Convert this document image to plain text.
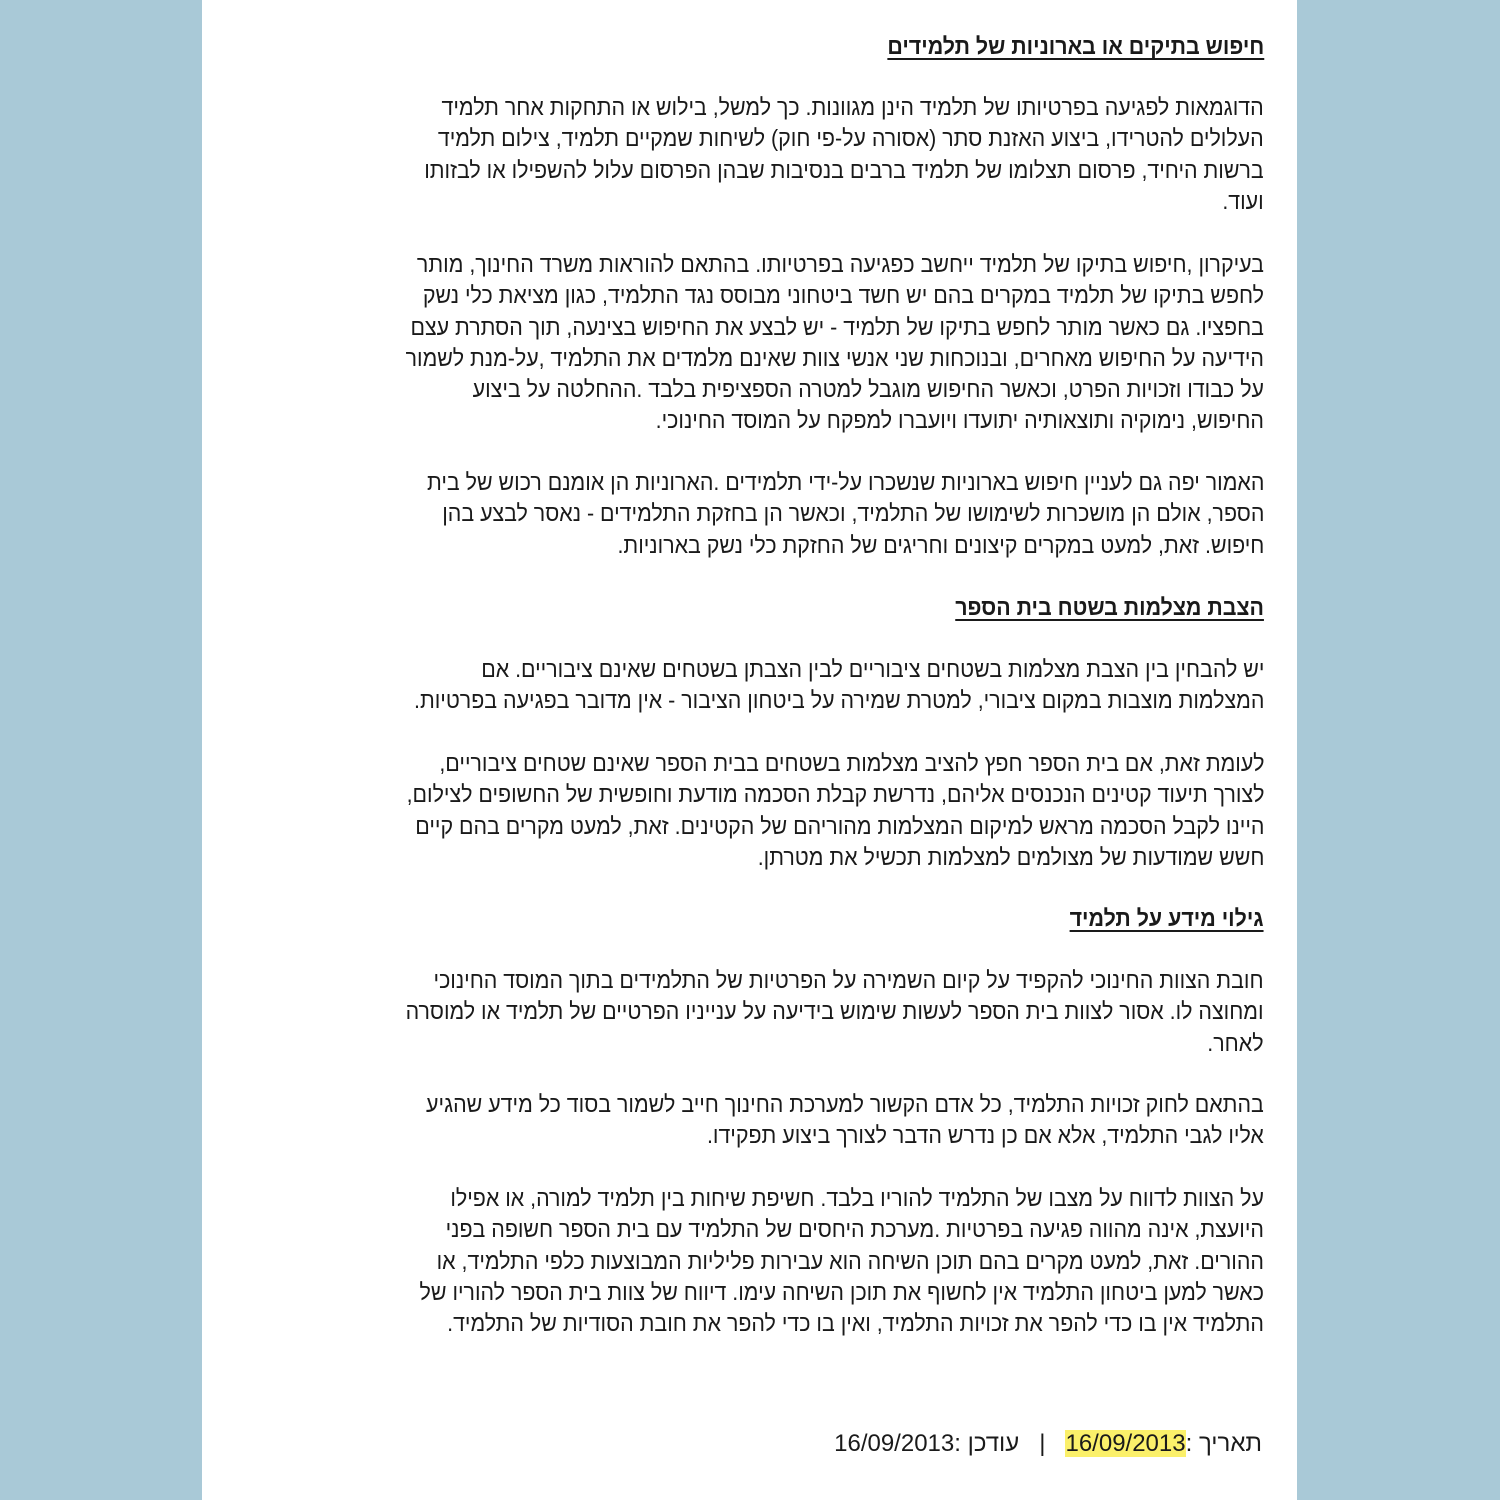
חיפוש בתיקים או בארוניות של תלמידים
הדוגמאות לפגיעה בפרטיותו של תלמיד הינן מגוונות. כך למשל, בילוש או התחקות אחר תלמיד
העלולים להטרידו, ביצוע האזנת סתר (אסורה על-פי חוק) לשיחות שמקיים תלמיד, צילום תלמיד
ברשות היחיד, פרסום תצלומו של תלמיד ברבים בנסיבות שבהן הפרסום עלול להשפילו או לבזותו
ועוד.
בעיקרון ,חיפוש בתיקו של תלמיד ייחשב כפגיעה בפרטיותו. בהתאם להוראות משרד החינוך, מותר
לחפש בתיקו של תלמיד במקרים בהם יש חשד ביטחוני מבוסס נגד התלמיד, כגון מציאת כלי נשק
בחפציו. גם כאשר מותר לחפש בתיקו של תלמיד - יש לבצע את החיפוש בצינעה, תוך הסתרת עצם
הידיעה על החיפוש מאחרים, ובנוכחות שני אנשי צוות שאינם מלמדים את התלמיד ,על-מנת לשמור
על כבודו וזכויות הפרט, וכאשר החיפוש מוגבל למטרה הספציפית בלבד .ההחלטה על ביצוע
החיפוש, נימוקיה ותוצאותיה יתועדו ויועברו למפקח על המוסד החינוכי.
האמור יפה גם לעניין חיפוש בארוניות שנשכרו על-ידי תלמידים .הארוניות הן אומנם רכוש של בית
הספר, אולם הן מושכרות לשימושו של התלמיד, וכאשר הן בחזקת התלמידים - נאסר לבצע בהן
חיפוש. זאת, למעט במקרים קיצונים וחריגים של החזקת כלי נשק בארוניות.
הצבת מצלמות בשטח בית הספר
יש להבחין בין הצבת מצלמות בשטחים ציבוריים לבין הצבתן בשטחים שאינם ציבוריים. אם
המצלמות מוצבות במקום ציבורי, למטרת שמירה על ביטחון הציבור - אין מדובר בפגיעה בפרטיות.
לעומת זאת, אם בית הספר חפץ להציב מצלמות בשטחים בבית הספר שאינם שטחים ציבוריים,
לצורך תיעוד קטינים הנכנסים אליהם, נדרשת קבלת הסכמה מודעת וחופשית של החשופים לצילום,
היינו לקבל הסכמה מראש למיקום המצלמות מהוריהם של הקטינים. זאת, למעט מקרים בהם קיים
חשש שמודעות של מצולמים למצלמות תכשיל את מטרתן.
גילוי מידע על תלמיד
חובת הצוות החינוכי להקפיד על קיום השמירה על הפרטיות של התלמידים בתוך המוסד החינוכי
ומחוצה לו. אסור לצוות בית הספר לעשות שימוש בידיעה על ענייניו הפרטיים של תלמיד או למוסרה
לאחר.
בהתאם לחוק זכויות התלמיד, כל אדם הקשור למערכת החינוך חייב לשמור בסוד כל מידע שהגיע
אליו לגבי התלמיד, אלא אם כן נדרש הדבר לצורך ביצוע תפקידו.
על הצוות לדווח על מצבו של התלמיד להוריו בלבד. חשיפת שיחות בין תלמיד למורה, או אפילו
היועצת, אינה מהווה פגיעה בפרטיות .מערכת היחסים של התלמיד עם בית הספר חשופה בפני
ההורים. זאת, למעט מקרים בהם תוכן השיחה הוא עבירות פליליות המבוצעות כלפי התלמיד, או
כאשר למען ביטחון התלמיד אין לחשוף את תוכן השיחה עימו. דיווח של צוות בית הספר להוריו של
התלמיד אין בו כדי להפר את זכויות התלמיד, ואין בו כדי להפר את חובת הסודיות של התלמיד.
תאריך :16/09/2013   |   עודכן :16/09/2013
